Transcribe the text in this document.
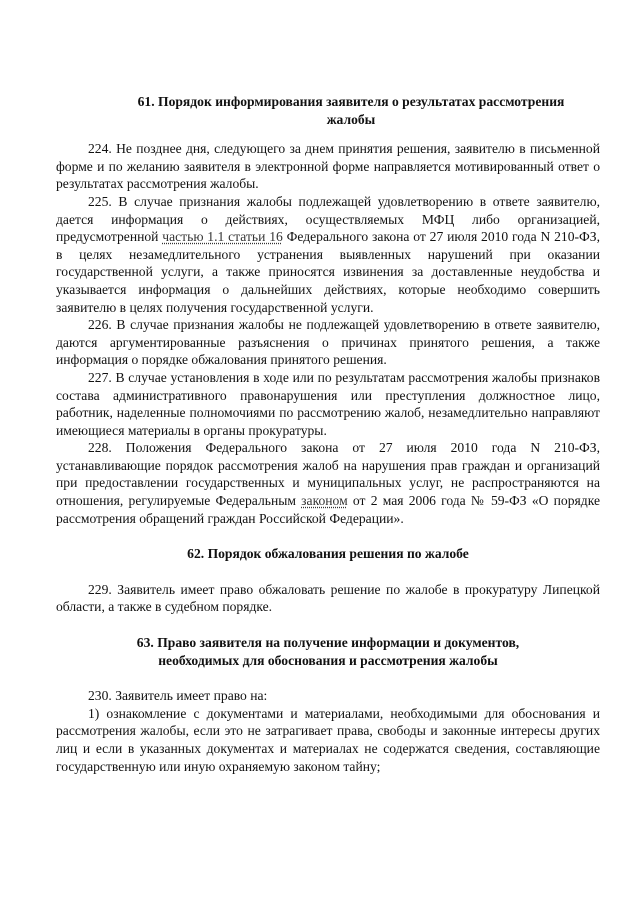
61. Порядок информирования заявителя о результатах рассмотрения
жалобы

224. Не позднее дня, следующего за днем принятия решения, заявителю в письменной форме и по желанию заявителя в электронной форме направляется мотивированный ответ о результатах рассмотрения жалобы.

225. В случае признания жалобы подлежащей удовлетворению в ответе заявителю, дается информация о действиях, осуществляемых МФЦ либо организацией, предусмотренной частью 1.1 статьи 16 Федерального закона от 27 июля 2010 года N 210-ФЗ, в целях незамедлительного устранения выявленных нарушений при оказании государственной услуги, а также приносятся извинения за доставленные неудобства и указывается информация о дальнейших действиях, которые необходимо совершить заявителю в целях получения государственной услуги.

226. В случае признания жалобы не подлежащей удовлетворению в ответе заявителю, даются аргументированные разъяснения о причинах принятого решения, а также информация о порядке обжалования принятого решения.

227. В случае установления в ходе или по результатам рассмотрения жалобы признаков состава административного правонарушения или преступления должностное лицо, работник, наделенные полномочиями по рассмотрению жалоб, незамедлительно направляют имеющиеся материалы в органы прокуратуры.

228. Положения Федерального закона от 27 июля 2010 года N 210-ФЗ, устанавливающие порядок рассмотрения жалоб на нарушения прав граждан и организаций при предоставлении государственных и муниципальных услуг, не распространяются на отношения, регулируемые Федеральным законом от 2 мая 2006 года № 59-ФЗ «О порядке рассмотрения обращений граждан Российской Федерации».

62. Порядок обжалования решения по жалобе

229. Заявитель имеет право обжаловать решение по жалобе в прокуратуру Липецкой области, а также в судебном порядке.

63. Право заявителя на получение информации и документов,
необходимых для обоснования и рассмотрения жалобы

230. Заявитель имеет право на:

1) ознакомление с документами и материалами, необходимыми для обоснования и рассмотрения жалобы, если это не затрагивает права, свободы и законные интересы других лиц и если в указанных документах и материалах не содержатся сведения, составляющие государственную или иную охраняемую законом тайну;
